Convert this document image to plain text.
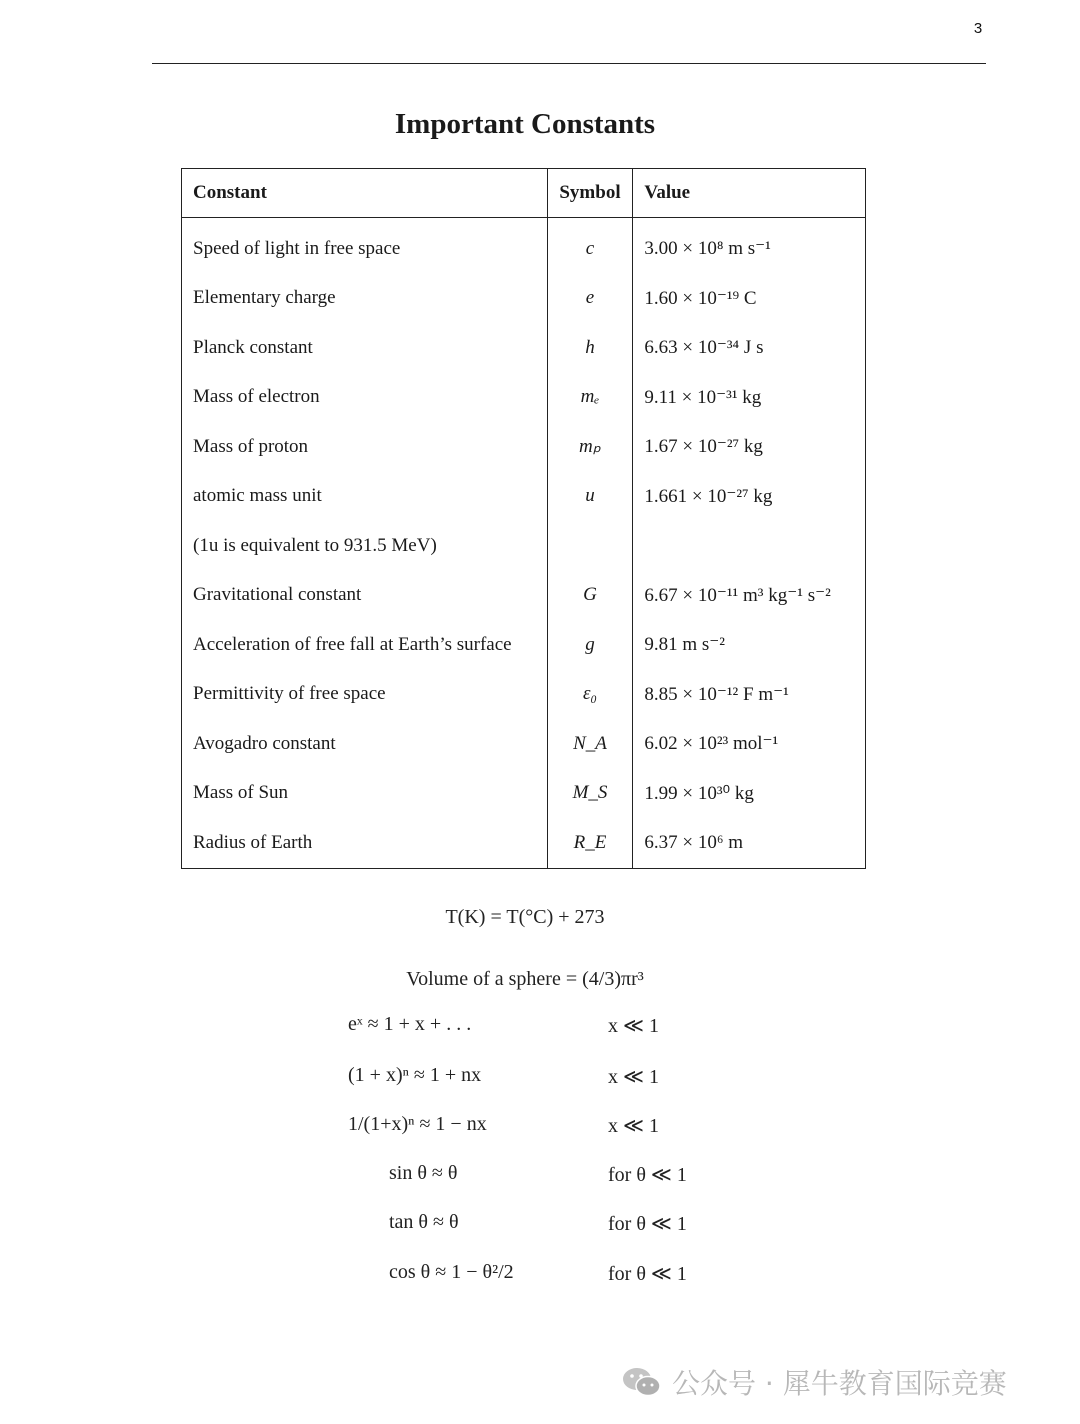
3
Important Constants
Constant	Symbol	Value
Speed of light in free space	c	3.00 × 10⁸ m s⁻¹
Elementary charge	e	1.60 × 10⁻¹⁹ C
Planck constant	h	6.63 × 10⁻³⁴ J s
Mass of electron	mₑ	9.11 × 10⁻³¹ kg
Mass of proton	mₚ	1.67 × 10⁻²⁷ kg
atomic mass unit	u	1.661 × 10⁻²⁷ kg
(1u is equivalent to 931.5 MeV)		
Gravitational constant	G	6.67 × 10⁻¹¹ m³ kg⁻¹ s⁻²
Acceleration of free fall at Earth’s surface	g	9.81 m s⁻²
Permittivity of free space	ε₀	8.85 × 10⁻¹² F m⁻¹
Avogadro constant	N_A	6.02 × 10²³ mol⁻¹
Mass of Sun	M_S	1.99 × 10³⁰ kg
Radius of Earth	R_E	6.37 × 10⁶ m
T(K) = T(°C) + 273
Volume of a sphere = (4/3)πr³
eˣ ≈ 1 + x + . . .	x ≪ 1
(1 + x)ⁿ ≈ 1 + nx	x ≪ 1
1/(1+x)ⁿ ≈ 1 − nx	x ≪ 1
sin θ ≈ θ	for θ ≪ 1
tan θ ≈ θ	for θ ≪ 1
cos θ ≈ 1 − θ²/2	for θ ≪ 1
公众号 · 犀牛教育国际竞赛
